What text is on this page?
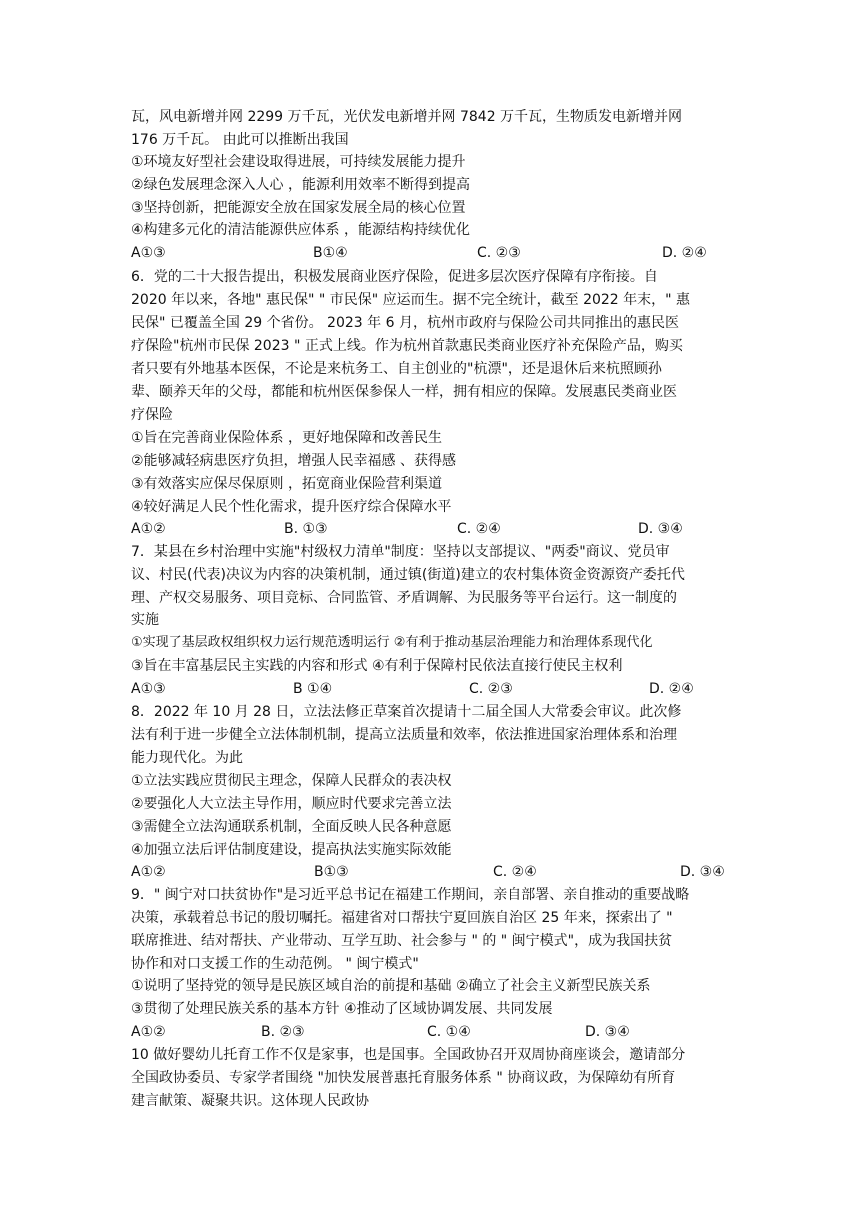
瓦，风电新增并网 2299 万千瓦，光伏发电新增并网 7842 万千瓦，生物质发电新增并网
176 万千瓦。 由此可以推断出我国
①环境友好型社会建设取得进展，可持续发展能力提升
②绿色发展理念深入人心 ，能源利用效率不断得到提高
③坚持创新，把能源安全放在国家发展全局的核心位置
④构建多元化的清洁能源供应体系 ，能源结构持续优化
A①③	B①④	C. ②③	D. ②④
6．党的二十大报告提出，积极发展商业医疗保险，促进多层次医疗保障有序衔接。自
2020 年以来，各地" 惠民保" " 市民保" 应运而生。据不完全统计，截至 2022 年末，" 惠
民保" 已覆盖全国 29 个省份。 2023 年 6 月，杭州市政府与保险公司共同推出的惠民医
疗保险"杭州市民保 2023 " 正式上线。作为杭州首款惠民类商业医疗补充保险产品，购买
者只要有外地基本医保，不论是来杭务工、自主创业的"杭漂"，还是退休后来杭照顾孙
辈、颐养天年的父母，都能和杭州医保参保人一样，拥有相应的保障。发展惠民类商业医
疗保险
①旨在完善商业保险体系 ，更好地保障和改善民生
②能够减轻病患医疗负担，增强人民幸福感 、获得感
③有效落实应保尽保原则 ，拓宽商业保险营利渠道
④较好满足人民个性化需求，提升医疗综合保障水平
A①②	B. ①③	C. ②④	D. ③④
7．某县在乡村治理中实施"村级权力清单"制度：坚持以支部提议、"两委"商议、党员审
议、村民(代表)决议为内容的决策机制，通过镇(街道)建立的农村集体资金资源资产委托代
理、产权交易服务、项目竞标、合同监管、矛盾调解、为民服务等平台运行。这一制度的
实施
①实现了基层政权组织权力运行规范透明运行 ②有利于推动基层治理能力和治理体系现代化
③旨在丰富基层民主实践的内容和形式 ④有利于保障村民依法直接行使民主权利
A①③	B ①④	C. ②③	D. ②④
8．2022 年 10 月 28 日，立法法修正草案首次提请十二届全国人大常委会审议。此次修
法有利于进一步健全立法体制机制，提高立法质量和效率，依法推进国家治理体系和治理
能力现代化。为此
①立法实践应贯彻民主理念，保障人民群众的表决权
②要强化人大立法主导作用，顺应时代要求完善立法
③需健全立法沟通联系机制，全面反映人民各种意愿
④加强立法后评估制度建设，提高执法实施实际效能
A①②	B①③	C. ②④	D. ③④
9．" 闽宁对口扶贫协作"是习近平总书记在福建工作期间，亲自部署、亲自推动的重要战略
决策，承载着总书记的殷切嘱托。福建省对口帮扶宁夏回族自治区 25 年来，探索出了 "
联席推进、结对帮扶、产业带动、互学互助、社会参与 " 的 " 闽宁模式"，成为我国扶贫
协作和对口支援工作的生动范例。 " 闽宁模式"
①说明了坚持党的领导是民族区域自治的前提和基础 ②确立了社会主义新型民族关系
③贯彻了处理民族关系的基本方针 ④推动了区域协调发展、共同发展
A①②	B. ②③	C. ①④	D. ③④
10 做好婴幼儿托育工作不仅是家事，也是国事。全国政协召开双周协商座谈会，邀请部分
全国政协委员、专家学者围绕 "加快发展普惠托育服务体系 " 协商议政，为保障幼有所育
建言献策、凝聚共识。这体现人民政协
